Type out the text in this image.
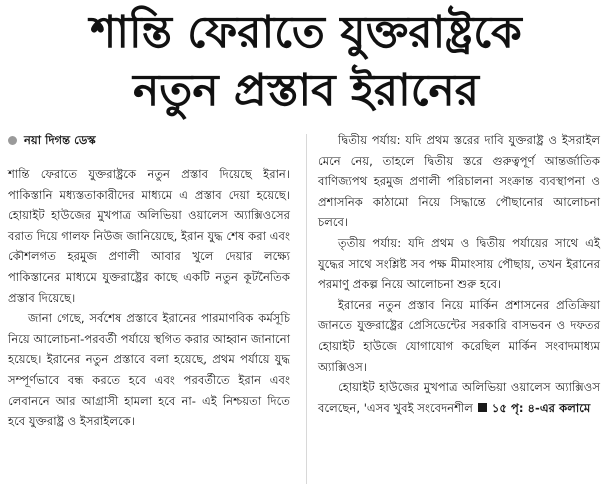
শান্তি ফেরাতে যুক্তরাষ্ট্রকে
নতুন প্রস্তাব ইরানের
নয়া দিগন্ত ডেস্ক

শান্তি ফেরাতে যুক্তরাষ্ট্রকে নতুন প্রস্তাব দিয়েছে ইরান। পাকিস্তানি মধ্যস্ততাকারীদের মাধ্যমে এ প্রস্তাব দেয়া হয়েছে। হোয়াইট হাউজের মুখপাত্র অলিভিয়া ওয়ালেস অ্যাক্সিওসের বরাত দিয়ে গালফ নিউজ জানিয়েছে, ইরান যুদ্ধ শেষ করা এবং কৌশলগত হরমুজ প্রণালী আবার খুলে দেয়ার লক্ষ্যে পাকিস্তানের মাধ্যমে যুক্তরাষ্ট্রের কাছে একটি নতুন কূটনৈতিক প্রস্তাব দিয়েছে।

জানা গেছে, সর্বশেষ প্রস্তাবে ইরানের পারমাণবিক কর্মসূচি নিয়ে আলোচনা-পরবর্তী পর্যায়ে স্থগিত করার আহ্বান জানানো হয়েছে। ইরানের নতুন প্রস্তাবে বলা হয়েছে, প্রথম পর্যায়ে যুদ্ধ সম্পূর্ণভাবে বন্ধ করতে হবে এবং পরবর্তীতে ইরান এবং লেবাননে আর আগ্রাসী হামলা হবে না- এই নিশ্চয়তা দিতে হবে যুক্তরাষ্ট্র ও ইসরাইলকে।

দ্বিতীয় পর্যায়: যদি প্রথম স্তরের দাবি যুক্তরাষ্ট্র ও ইসরাইল মেনে নেয়, তাহলে দ্বিতীয় স্তরে গুরুত্বপূর্ণ আন্তর্জাতিক বাণিজ্যপথ হরমুজ প্রণালী পরিচালনা সংক্রান্ত ব্যবস্থাপনা ও প্রশাসনিক কাঠামো নিয়ে সিদ্ধান্তে পৌছানোর আলোচনা চলবে।

তৃতীয় পর্যায়: যদি প্রথম ও দ্বিতীয় পর্যায়ের সাথে এই যুদ্ধের সাথে সংশ্লিষ্ট সব পক্ষ মীমাংসায় পৌছায়, তখন ইরানের পরমাণু প্রকল্প নিয়ে আলোচনা শুরু হবে।

ইরানের নতুন প্রস্তাব নিয়ে মার্কিন প্রশাসনের প্রতিক্রিয়া জানতে যুক্তরাষ্ট্রের প্রেসিডেন্টের সরকারি বাসভবন ও দফতর হোয়াইট হাউজে যোগাযোগ করেছিল মার্কিন সংবাদমাধ্যম অ্যাক্সিওস।

হোয়াইট হাউজের মুখপাত্র অলিভিয়া ওয়ালেস অ্যাক্সিওস বলেছেন, 'এসব খুবই সংবেদনশীল ১৫ পৃ: ৪-এর কলামে
